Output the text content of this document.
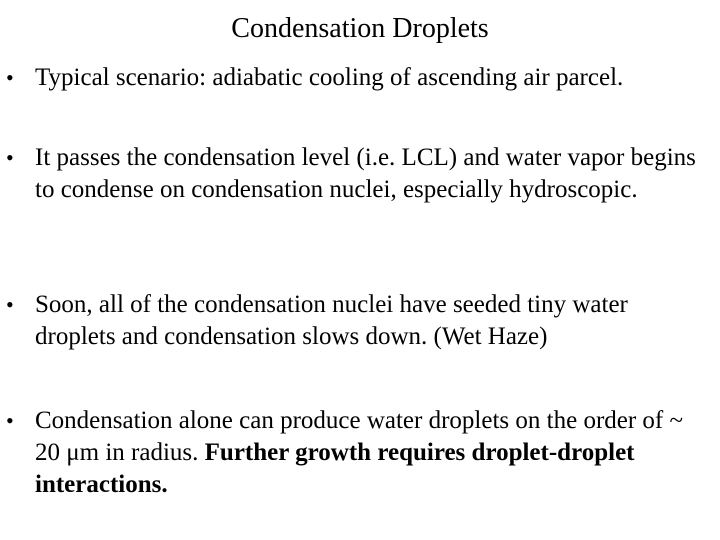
Condensation Droplets
• Typical scenario: adiabatic cooling of ascending air parcel.
• It passes the condensation level (i.e. LCL) and water vapor begins to condense on condensation nuclei, especially hydroscopic.
• Soon, all of the condensation nuclei have seeded tiny water droplets and condensation slows down. (Wet Haze)
• Condensation alone can produce water droplets on the order of ~ 20 μm in radius. Further growth requires droplet-droplet interactions.
